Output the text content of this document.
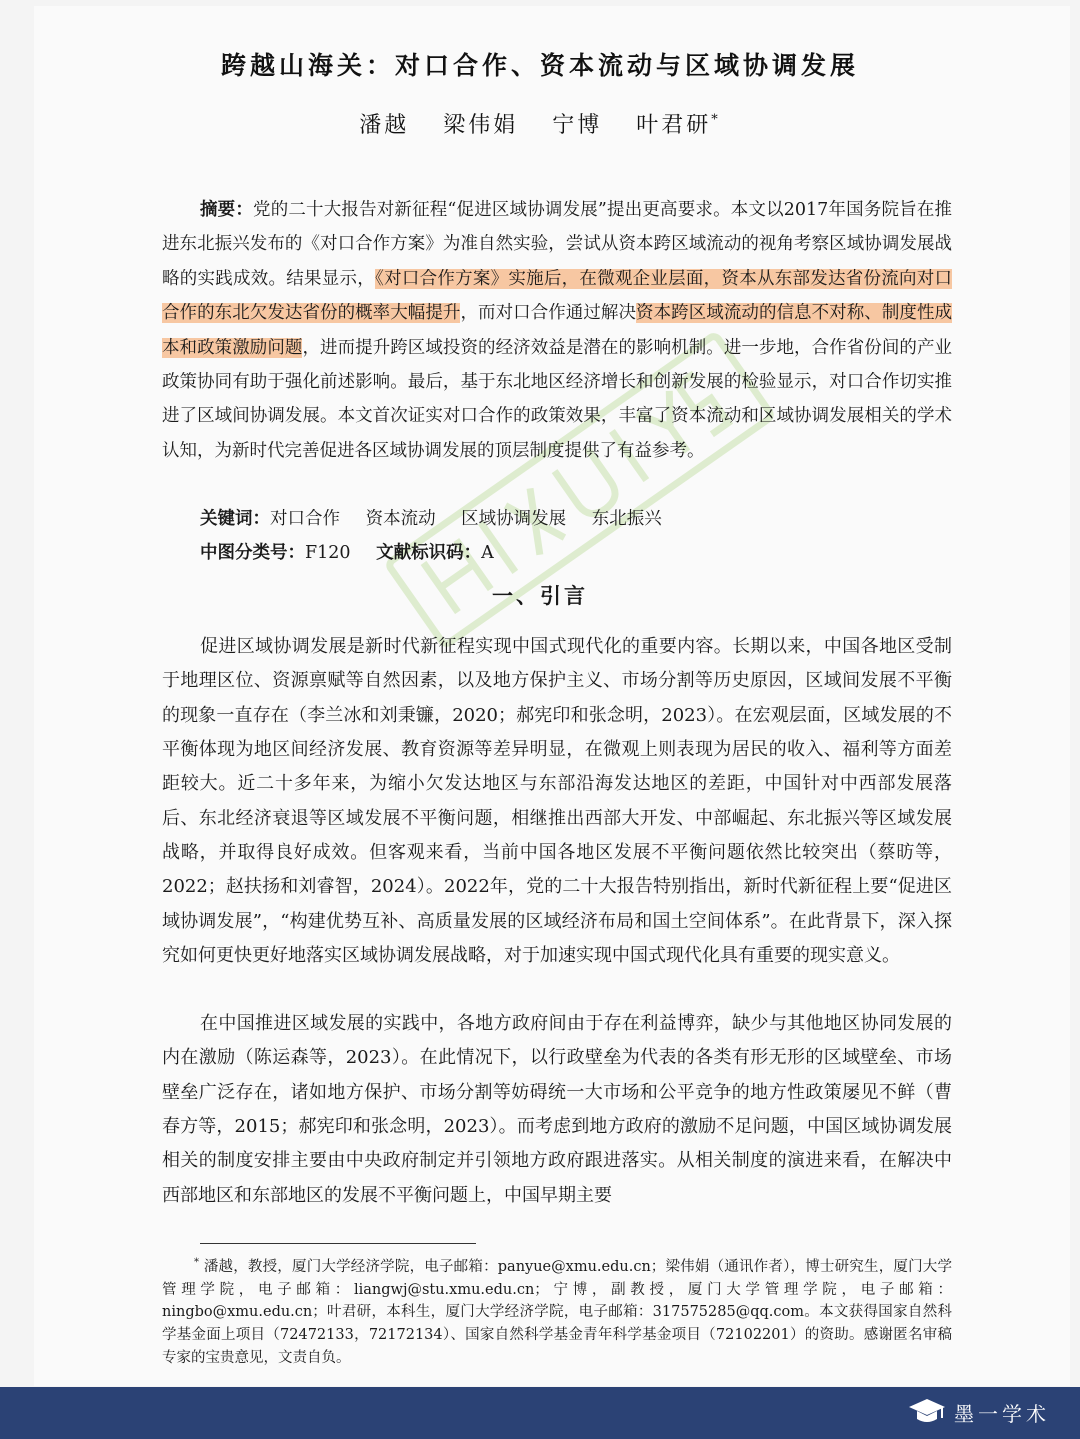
跨越山海关：对口合作、资本流动与区域协调发展
潘越 梁伟娟 宁博 叶君研*

摘要：党的二十大报告对新征程“促进区域协调发展”提出更高要求。本文以2017年国务院旨在推进东北振兴发布的《对口合作方案》为准自然实验，尝试从资本跨区域流动的视角考察区域协调发展战略的实践成效。结果显示，《对口合作方案》实施后，在微观企业层面，资本从东部发达省份流向对口合作的东北欠发达省份的概率大幅提升，而对口合作通过解决资本跨区域流动的信息不对称、制度性成本和政策激励问题，进而提升跨区域投资的经济效益是潜在的影响机制。进一步地，合作省份间的产业政策协同有助于强化前述影响。最后，基于东北地区经济增长和创新发展的检验显示，对口合作切实推进了区域间协调发展。本文首次证实对口合作的政策效果，丰富了资本流动和区域协调发展相关的学术认知，为新时代完善促进各区域协调发展的顶层制度提供了有益参考。

关键词：对口合作 资本流动 区域协调发展 东北振兴
中图分类号：F120 文献标识码：A
一、引言

促进区域协调发展是新时代新征程实现中国式现代化的重要内容。长期以来，中国各地区受制于地理区位、资源禀赋等自然因素，以及地方保护主义、市场分割等历史原因，区域间发展不平衡的现象一直存在（李兰冰和刘秉镰，2020；郝宪印和张念明，2023）。在宏观层面，区域发展的不平衡体现为地区间经济发展、教育资源等差异明显，在微观上则表现为居民的收入、福利等方面差距较大。近二十多年来，为缩小欠发达地区与东部沿海发达地区的差距，中国针对中西部发展落后、东北经济衰退等区域发展不平衡问题，相继推出西部大开发、中部崛起、东北振兴等区域发展战略，并取得良好成效。但客观来看，当前中国各地区发展不平衡问题依然比较突出（蔡昉等，2022；赵扶扬和刘睿智，2024）。2022年，党的二十大报告特别指出，新时代新征程上要“促进区域协调发展”，“构建优势互补、高质量发展的区域经济布局和国土空间体系”。在此背景下，深入探究如何更快更好地落实区域协调发展战略，对于加速实现中国式现代化具有重要的现实意义。

在中国推进区域发展的实践中，各地方政府间由于存在利益博弈，缺少与其他地区协同发展的内在激励（陈运森等，2023）。在此情况下，以行政壁垒为代表的各类有形无形的区域壁垒、市场壁垒广泛存在，诸如地方保护、市场分割等妨碍统一大市场和公平竞争的地方性政策屡见不鲜（曹春方等，2015；郝宪印和张念明，2023）。而考虑到地方政府的激励不足问题，中国区域协调发展相关的制度安排主要由中央政府制定并引领地方政府跟进落实。从相关制度的演进来看，在解决中西部地区和东部地区的发展不平衡问题上，中国早期主要

* 潘越，教授，厦门大学经济学院，电子邮箱：panyue@xmu.edu.cn；梁伟娟（通讯作者），博士研究生，厦门大学管理学院，电子邮箱：liangwj@stu.xmu.edu.cn；宁博，副教授，厦门大学管理学院，电子邮箱：ningbo@xmu.edu.cn；叶君研，本科生，厦门大学经济学院，电子邮箱：317575285@qq.com。本文获得国家自然科学基金面上项目（72472133，72172134）、国家自然科学基金青年科学基金项目（72102201）的资助。感谢匿名审稿专家的宝贵意见，文责自负。
墨一学术
